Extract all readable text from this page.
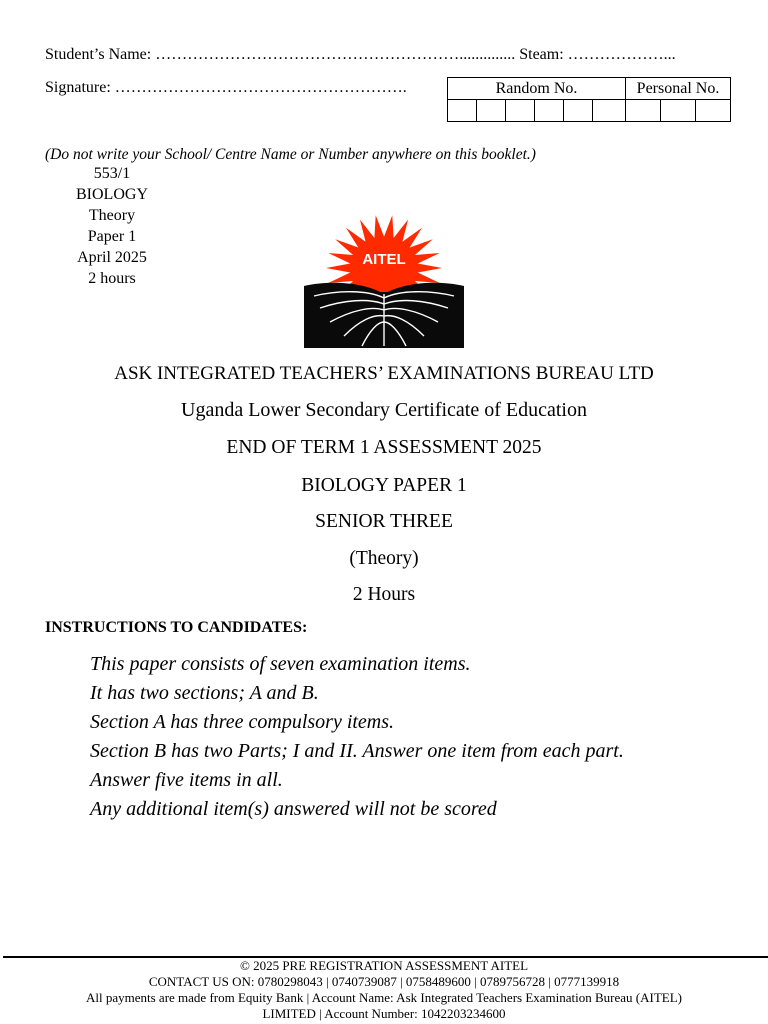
Student’s Name: ………………………………………………….............. Steam: ………………...
Signature: ……………………………………………….	Random No.						Personal No.		

(Do not write your School/ Centre Name or Number anywhere on this booklet.)
553/1
BIOLOGY
Theory
Paper 1
April 2025
2 hours
AITEL
ASK INTEGRATED TEACHERS’ EXAMINATIONS BUREAU LTD
Uganda Lower Secondary Certificate of Education
END OF TERM 1 ASSESSMENT 2025
BIOLOGY PAPER 1
SENIOR THREE
(Theory)
2 Hours
INSTRUCTIONS TO CANDIDATES:
This paper consists of seven examination items.
It has two sections; A and B.
Section A has three compulsory items.
Section B has two Parts; I and II. Answer one item from each part.
Answer five items in all.
Any additional item(s) answered will not be scored
© 2025 PRE REGISTRATION ASSESSMENT AITEL
CONTACT US ON: 0780298043 | 0740739087 | 0758489600 | 0789756728 | 0777139918
All payments are made from Equity Bank | Account Name: Ask Integrated Teachers Examination Bureau (AITEL)
LIMITED | Account Number: 1042203234600
